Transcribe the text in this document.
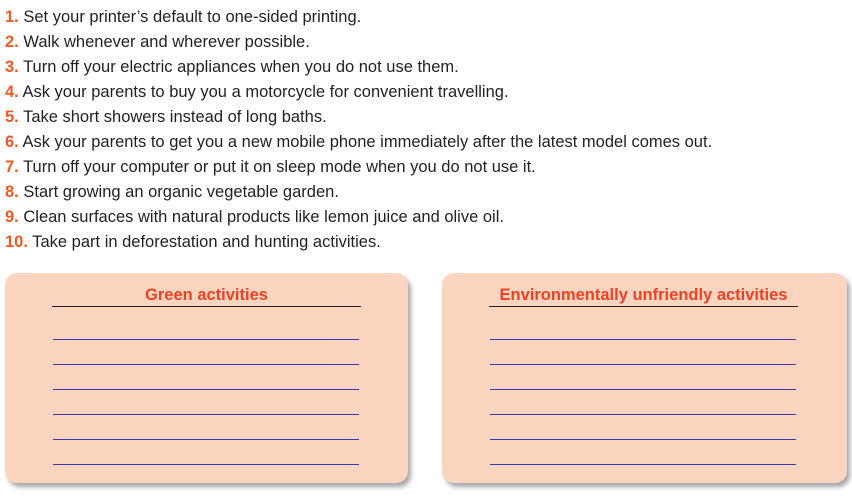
1. Set your printer’s default to one-sided printing.
2. Walk whenever and wherever possible.
3. Turn off your electric appliances when you do not use them.
4. Ask your parents to buy you a motorcycle for convenient travelling.
5. Take short showers instead of long baths.
6. Ask your parents to get you a new mobile phone immediately after the latest model comes out.
7. Turn off your computer or put it on sleep mode when you do not use it.
8. Start growing an organic vegetable garden.
9. Clean surfaces with natural products like lemon juice and olive oil.
10. Take part in deforestation and hunting activities.
Green activities	Environmentally unfriendly activities
